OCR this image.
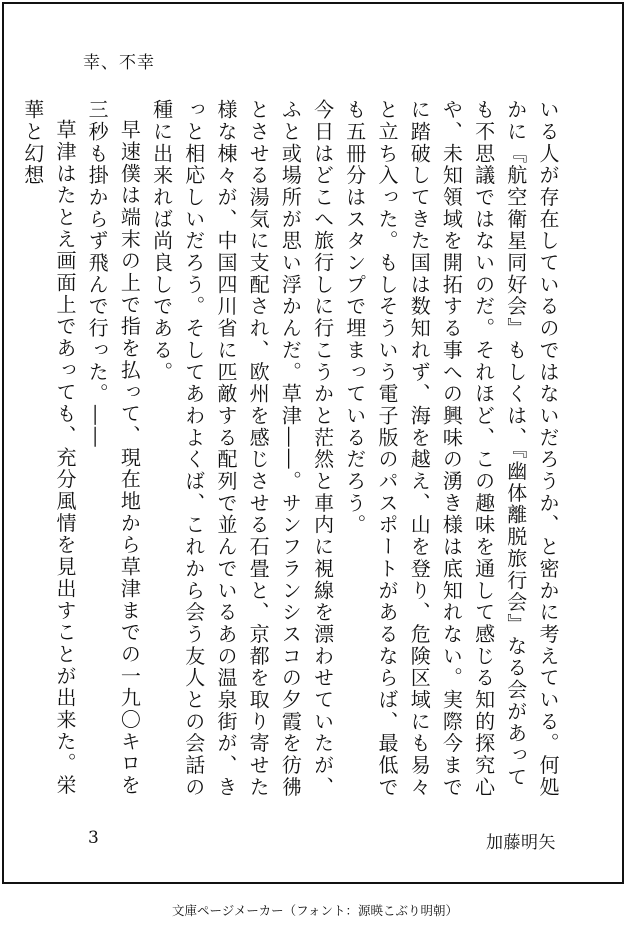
幸、不幸

いる人が存在しているのではないだろうか、と密かに考えている。何処かに『航空衛星同好会』もしくは、『幽体離脱旅行会』なる会があっても不思議ではないのだ。それほど、この趣味を通して感じる知的探究心や、未知領域を開拓する事への興味の湧き様は底知れない。実際今までに踏破してきた国は数知れず、海を越え、山を登り、危険区域にも易々と立ち入った。もしそういう電子版のパスポートがあるならば、最低でも五冊分はスタンプで埋まっているだろう。

今日はどこへ旅行しに行こうかと茫然と車内に視線を漂わせていたが、ふと或場所が思い浮かんだ。草津――。サンフランシスコの夕霞を彷彿とさせる湯気に支配され、欧州を感じさせる石畳と、京都を取り寄せた様な棟々が、中国四川省に匹敵する配列で並んでいるあの温泉街が、きっと相応しいだろう。そしてあわよくば、これから会う友人との会話の種に出来れば尚良しである。

早速僕は端末の上で指を払って、現在地から草津までの一九〇キロを三秒も掛からず飛んで行った。――

草津はたとえ画面上であっても、充分風情を見出すことが出来た。栄華と幻想

3	加藤明矢
文庫ページメーカー（フォント：源暎こぶり明朝）
